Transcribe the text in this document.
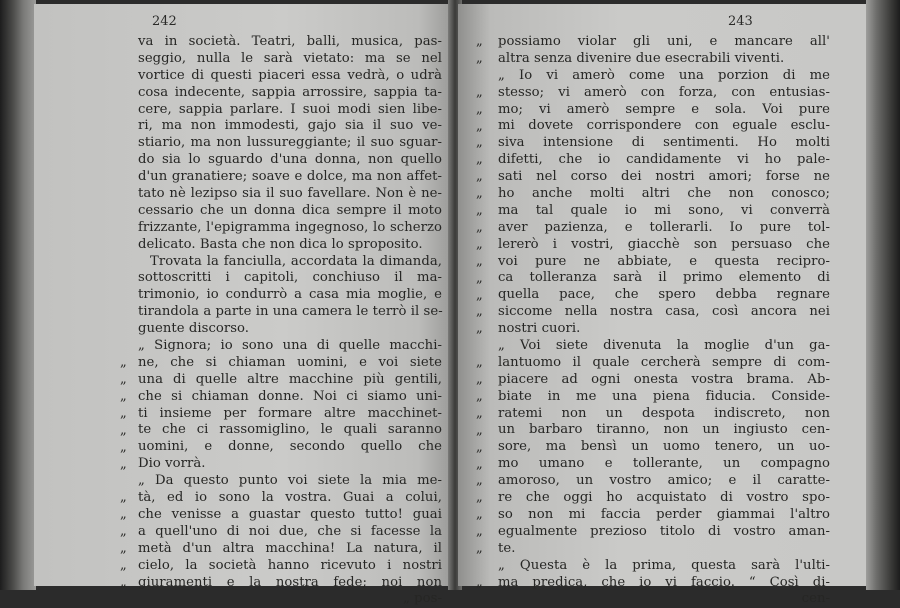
242
va in società. Teatri, balli, musica, pas-
seggio, nulla le sarà vietato: ma se nel
vortice di questi piaceri essa vedrà, o udrà
cosa indecente, sappia arrossire, sappia ta-
cere, sappia parlare. I suoi modi sien libe-
ri, ma non immodesti, gajo sia il suo ve-
stiario, ma non lussureggiante; il suo sguar-
do sia lo sguardo d'una donna, non quello
d'un granatiere; soave e dolce, ma non affet-
tato nè lezipso sia il suo favellare. Non è ne-
cessario che un donna dica sempre il moto
frizzante, l'epigramma ingegnoso, lo scherzo
delicato. Basta che non dica lo sproposito.
Trovata la fanciulla, accordata la dimanda,
sottoscritti i capitoli, conchiuso il ma-
trimonio, io condurrò a casa mia moglie, e
tirandola a parte in una camera le terrò il se-
guente discorso.
„ Signora; io sono una di quelle macchi-
ne, che si chiaman uomini, e voi siete
una di quelle altre macchine più gentili,
che si chiaman donne. Noi ci siamo uni-
ti insieme per formare altre macchinet-
te che ci rassomiglino, le quali saranno
uomini, e donne, secondo quello che
Dio vorrà.
„ Da questo punto voi siete la mia me-
tà, ed io sono la vostra. Guai a colui,
che venisse a guastar questo tutto! guai
a quell'uno di noi due, che si facesse la
metà d'un altra macchina! La natura, il
cielo, la società hanno ricevuto i nostri
giuramenti e la nostra fede; noi non
„ pos-
„
„
„
„
„
„
„
„
„
„
„
„
„
243
possiamo violar gli uni, e mancare all'
altra senza divenire due esecrabili viventi.
„ Io vi amerò come una porzion di me
stesso; vi amerò con forza, con entusias-
mo; vi amerò sempre e sola. Voi pure
mi dovete corrispondere con eguale esclu-
siva intensione di sentimenti. Ho molti
difetti, che io candidamente vi ho pale-
sati nel corso dei nostri amori; forse ne
ho anche molti altri che non conosco;
ma tal quale io mi sono, vi converrà
aver pazienza, e tollerarli. Io pure tol-
lererò i vostri, giacchè son persuaso che
voi pure ne abbiate, e questa recipro-
ca tolleranza sarà il primo elemento di
quella pace, che spero debba regnare
siccome nella nostra casa, così ancora nei
nostri cuori.
„ Voi siete divenuta la moglie d'un ga-
lantuomo il quale cercherà sempre di com-
piacere ad ogni onesta vostra brama. Ab-
biate in me una piena fiducia. Conside-
ratemi non un despota indiscreto, non
un barbaro tiranno, non un ingiusto cen-
sore, ma bensì un uomo tenero, un uo-
mo umano e tollerante, un compagno
amoroso, un vostro amico; e il caratte-
re che oggi ho acquistato di vostro spo-
so non mi faccia perder giammai l'altro
egualmente prezioso titolo di vostro aman-
te.
„ Questa è la prima, questa sarà l'ulti-
ma predica, che io vi faccio. “ Così di-
cen-
„
„
„
„
„
„
„
„
„
„
„
„
„
„
„
„
„
„
„
„
„
„
„
„
„
„
„
„
„
„
